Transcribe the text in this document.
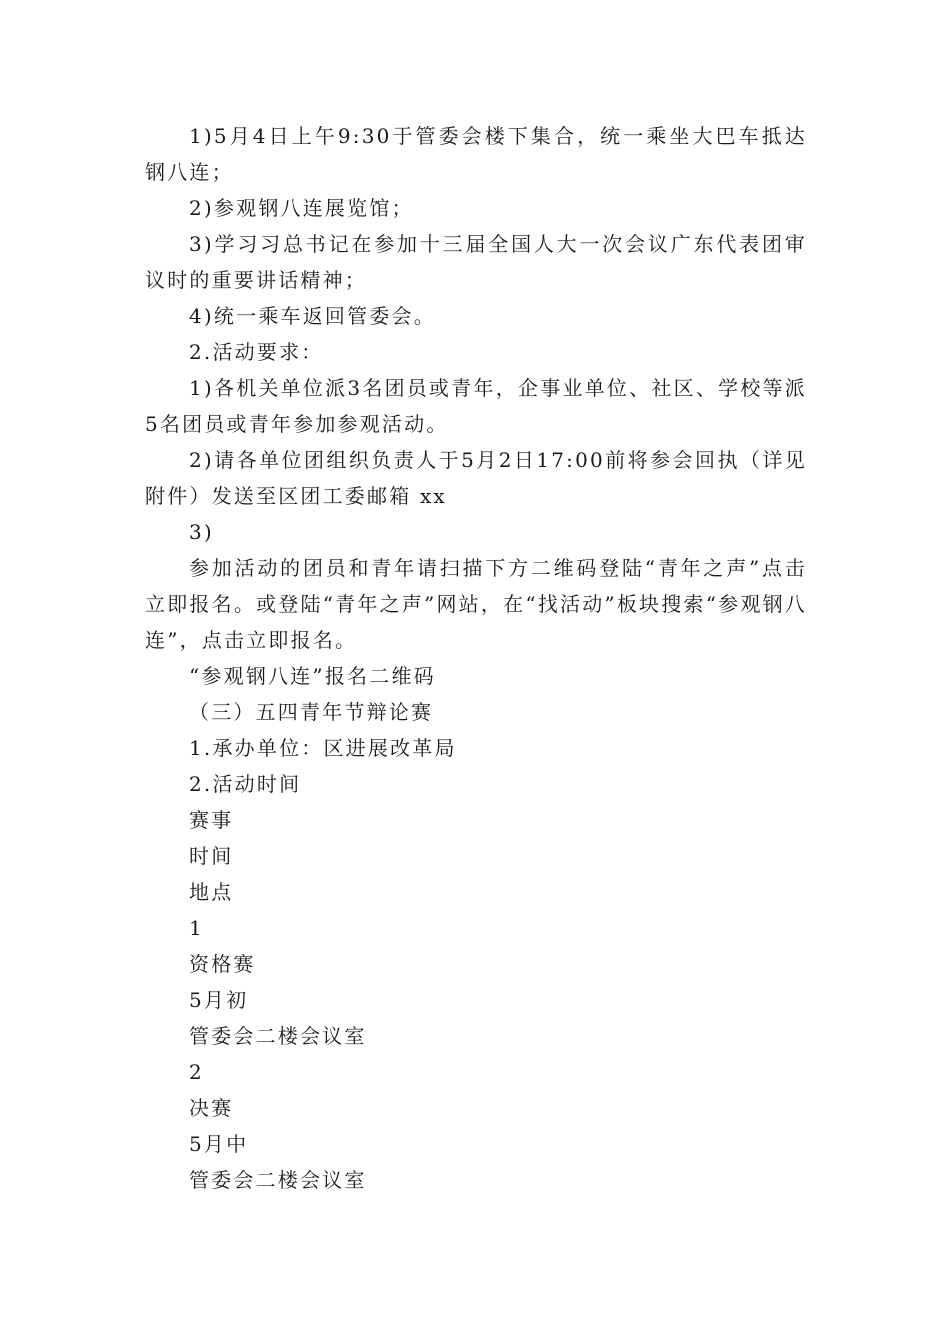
1)5月4日上午9:30于管委会楼下集合，统一乘坐大巴车抵达钢八连；

2)参观钢八连展览馆；

3)学习习总书记在参加十三届全国人大一次会议广东代表团审议时的重要讲话精神；

4)统一乘车返回管委会。

2.活动要求：

1)各机关单位派3名团员或青年，企事业单位、社区、学校等派5名团员或青年参加参观活动。

2)请各单位团组织负责人于5月2日17:00前将参会回执（详见附件）发送至区团工委邮箱 xx

3)

参加活动的团员和青年请扫描下方二维码登陆“青年之声”点击立即报名。或登陆“青年之声”网站，在“找活动”板块搜索“参观钢八连”，点击立即报名。

“参观钢八连”报名二维码

（三）五四青年节辩论赛

1.承办单位：区进展改革局

2.活动时间

赛事

时间

地点

1

资格赛

5月初

管委会二楼会议室

2

决赛

5月中

管委会二楼会议室
